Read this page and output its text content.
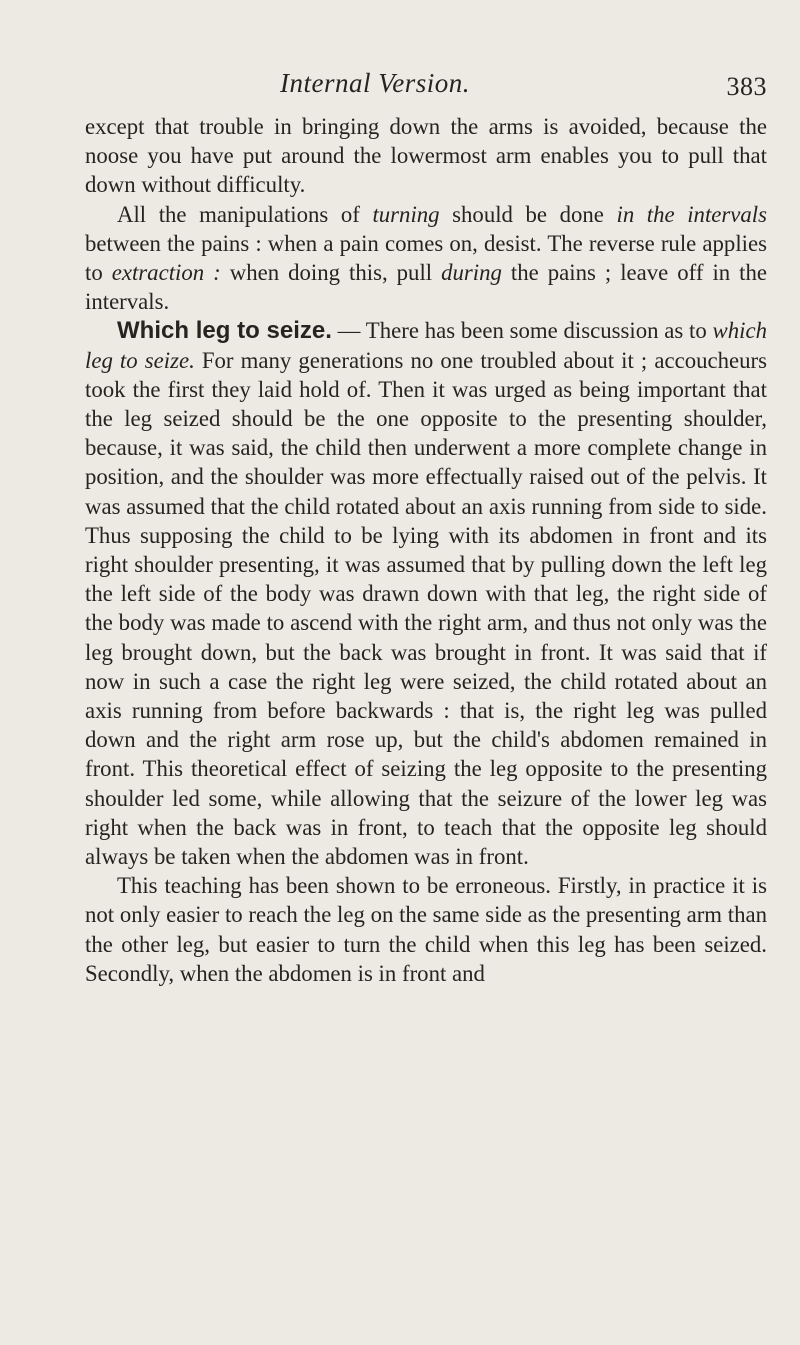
Internal Version.	383

except that trouble in bringing down the arms is avoided, because the noose you have put around the lowermost arm enables you to pull that down without difficulty.

All the manipulations of turning should be done in the intervals between the pains : when a pain comes on, desist. The reverse rule applies to extraction : when doing this, pull during the pains ; leave off in the intervals.

Which leg to seize. — There has been some discussion as to which leg to seize. For many generations no one troubled about it ; accoucheurs took the first they laid hold of. Then it was urged as being important that the leg seized should be the one opposite to the presenting shoulder, because, it was said, the child then underwent a more complete change in position, and the shoulder was more effectually raised out of the pelvis. It was assumed that the child rotated about an axis running from side to side. Thus supposing the child to be lying with its abdomen in front and its right shoulder presenting, it was assumed that by pulling down the left leg the left side of the body was drawn down with that leg, the right side of the body was made to ascend with the right arm, and thus not only was the leg brought down, but the back was brought in front. It was said that if now in such a case the right leg were seized, the child rotated about an axis running from before backwards : that is, the right leg was pulled down and the right arm rose up, but the child's abdomen remained in front. This theoretical effect of seizing the leg opposite to the presenting shoulder led some, while allowing that the seizure of the lower leg was right when the back was in front, to teach that the opposite leg should always be taken when the abdomen was in front.

This teaching has been shown to be erroneous. Firstly, in practice it is not only easier to reach the leg on the same side as the presenting arm than the other leg, but easier to turn the child when this leg has been seized. Secondly, when the abdomen is in front and
